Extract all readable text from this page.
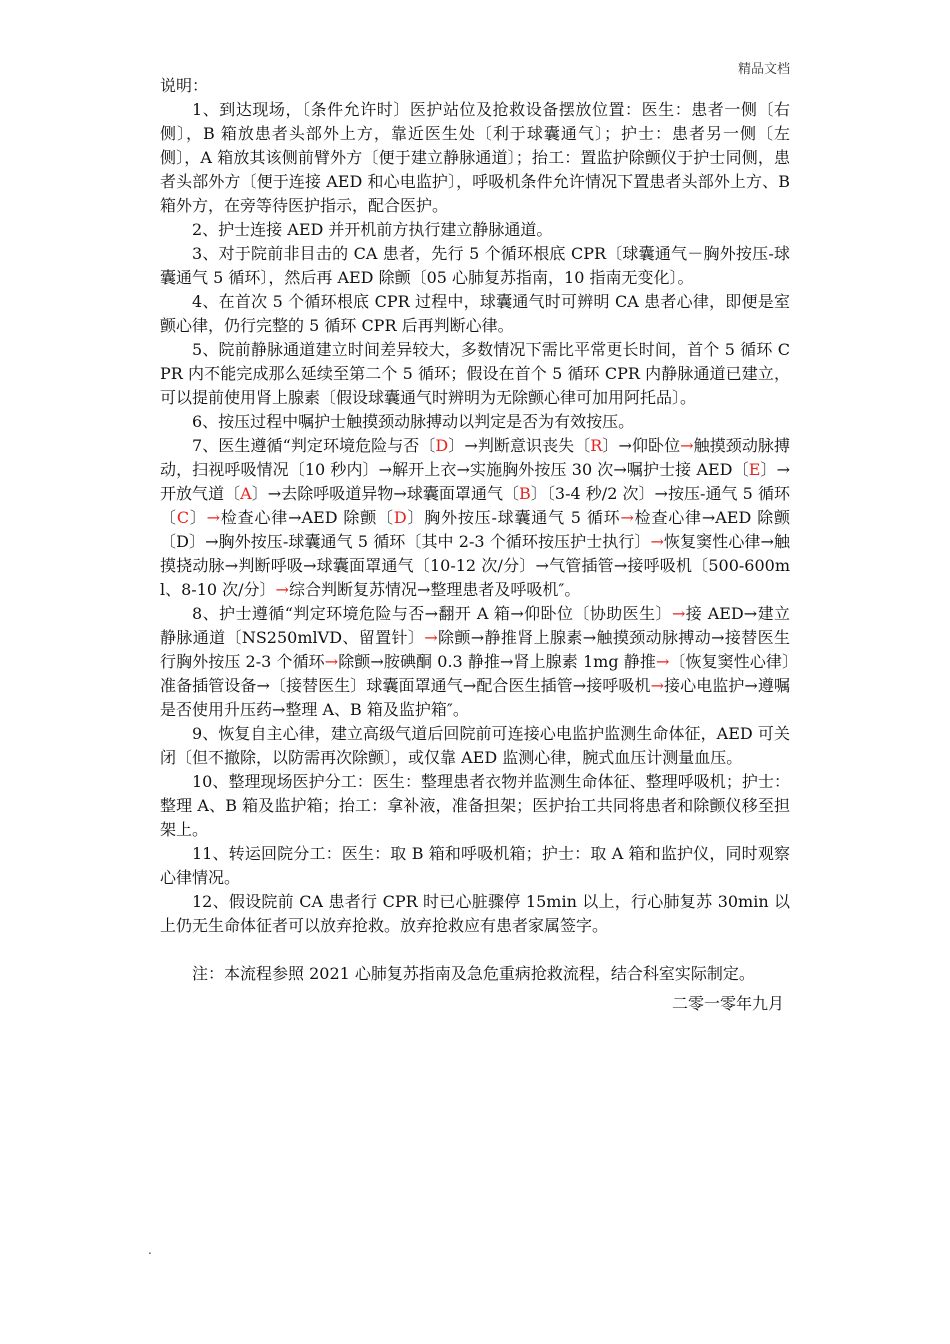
精品文档

说明：

1、到达现场，〔条件允许时〕医护站位及抢救设备摆放位置：医生：患者一侧〔右侧〕，B 箱放患者头部外上方，靠近医生处〔利于球囊通气〕；护士：患者另一侧〔左侧〕，A 箱放其该侧前臂外方〔便于建立静脉通道〕；抬工：置监护除颤仪于护士同侧，患者头部外方〔便于连接 AED 和心电监护〕，呼吸机条件允许情况下置患者头部外上方、B 箱外方，在旁等待医护指示，配合医护。

2、护士连接 AED 并开机前方执行建立静脉通道。

3、对于院前非目击的 CA 患者，先行 5 个循环根底 CPR〔球囊通气－胸外按压-球囊通气 5 循环〕，然后再 AED 除颤〔05 心肺复苏指南，10 指南无变化〕。

4、在首次 5 个循环根底 CPR 过程中，球囊通气时可辨明 CA 患者心律，即便是室颤心律，仍行完整的 5 循环 CPR 后再判断心律。

5、院前静脉通道建立时间差异较大，多数情况下需比平常更长时间，首个 5 循环 CPR 内不能完成那么延续至第二个 5 循环；假设在首个 5 循环 CPR 内静脉通道已建立，可以提前使用肾上腺素〔假设球囊通气时辨明为无除颤心律可加用阿托品〕。

6、按压过程中嘱护士触摸颈动脉搏动以判定是否为有效按压。

7、医生遵循“判定环境危险与否〔D〕→判断意识丧失〔R〕→仰卧位→触摸颈动脉搏动，扫视呼吸情况〔10 秒内〕→解开上衣→实施胸外按压 30 次→嘱护士接 AED〔E〕→开放气道〔A〕→去除呼吸道异物→球囊面罩通气〔B〕〔3-4 秒/2 次〕→按压-通气 5 循环〔C〕→检查心律→AED 除颤〔D〕胸外按压-球囊通气 5 循环→检查心律→AED 除颤〔D〕→胸外按压-球囊通气 5 循环〔其中 2-3 个循环按压护士执行〕→恢复窦性心律→触摸挠动脉→判断呼吸→球囊面罩通气〔10-12 次/分〕→气管插管→接呼吸机〔500-600ml、8-10 次/分〕→综合判断复苏情况→整理患者及呼吸机″。

8、护士遵循“判定环境危险与否→翻开 A 箱→仰卧位〔协助医生〕→接 AED→建立静脉通道〔NS250mlVD、留置针〕→除颤→静推肾上腺素→触摸颈动脉搏动→接替医生行胸外按压 2-3 个循环→除颤→胺碘酮 0.3 静推→肾上腺素 1mg 静推→〔恢复窦性心律〕准备插管设备→〔接替医生〕球囊面罩通气→配合医生插管→接呼吸机→接心电监护→遵嘱是否使用升压药→整理 A、B 箱及监护箱″。

9、恢复自主心律，建立高级气道后回院前可连接心电监护监测生命体征，AED 可关闭〔但不撤除，以防需再次除颤〕，或仅靠 AED 监测心律，腕式血压计测量血压。

10、整理现场医护分工：医生：整理患者衣物并监测生命体征、整理呼吸机；护士：整理 A、B 箱及监护箱；抬工：拿补液，准备担架；医护抬工共同将患者和除颤仪移至担架上。

11、转运回院分工：医生：取 B 箱和呼吸机箱；护士：取 A 箱和监护仪，同时观察心律情况。

12、假设院前 CA 患者行 CPR 时已心脏骤停 15min 以上，行心肺复苏 30min 以上仍无生命体征者可以放弃抢救。放弃抢救应有患者家属签字。

注：本流程参照 2021 心肺复苏指南及急危重病抢救流程，结合科室实际制定。

二零一零年九月

.
